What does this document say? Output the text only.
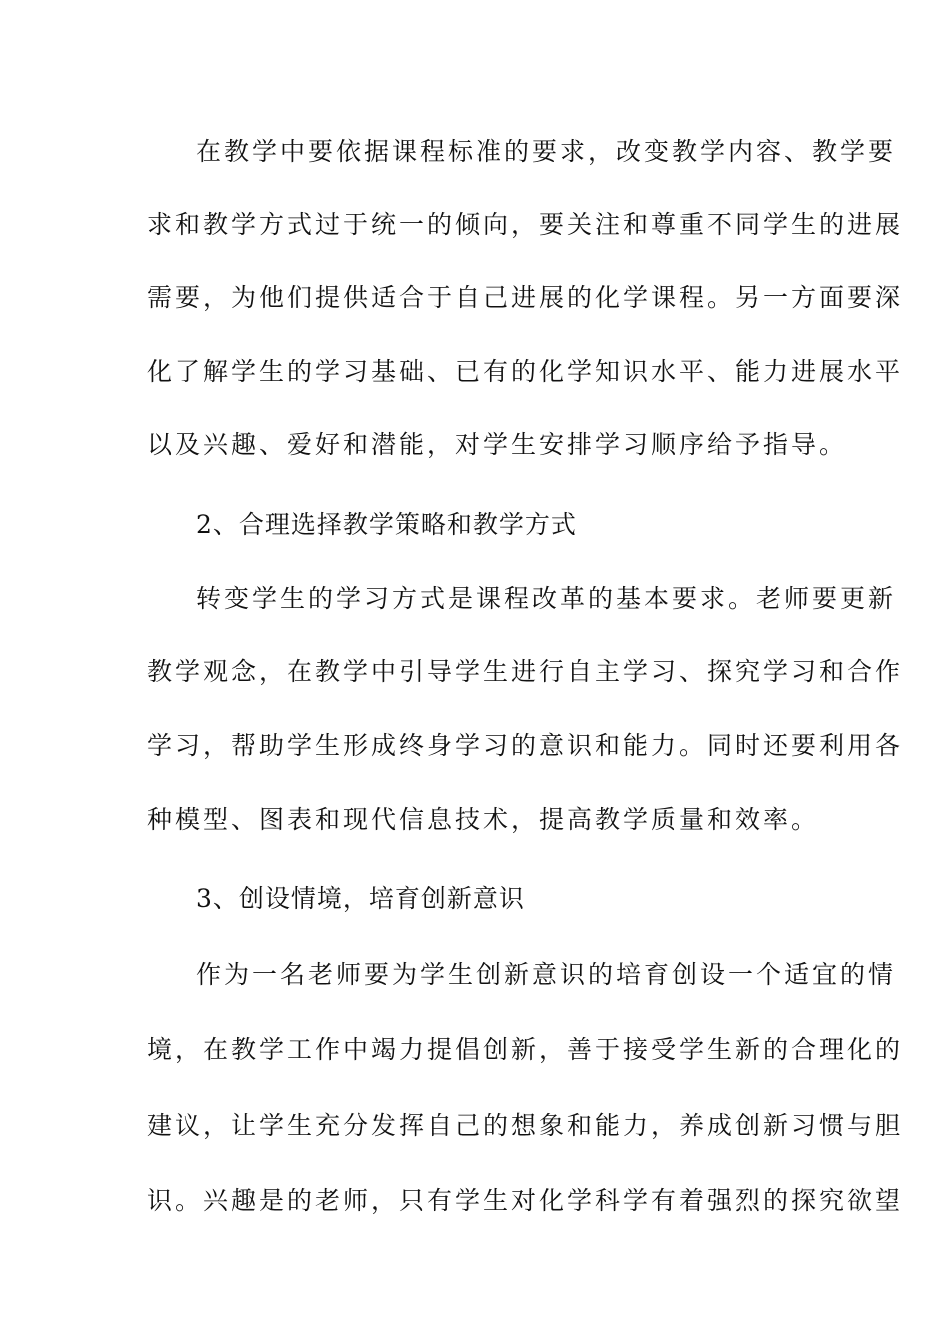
在教学中要依据课程标准的要求，改变教学内容、教学要
求和教学方式过于统一的倾向，要关注和尊重不同学生的进展
需要，为他们提供适合于自己进展的化学课程。另一方面要深
化了解学生的学习基础、已有的化学知识水平、能力进展水平
以及兴趣、爱好和潜能，对学生安排学习顺序给予指导。
2、合理选择教学策略和教学方式
转变学生的学习方式是课程改革的基本要求。老师要更新
教学观念，在教学中引导学生进行自主学习、探究学习和合作
学习，帮助学生形成终身学习的意识和能力。同时还要利用各
种模型、图表和现代信息技术，提高教学质量和效率。
3、创设情境，培育创新意识
作为一名老师要为学生创新意识的培育创设一个适宜的情
境，在教学工作中竭力提倡创新，善于接受学生新的合理化的
建议，让学生充分发挥自己的想象和能力，养成创新习惯与胆
识。兴趣是的老师，只有学生对化学科学有着强烈的探究欲望
